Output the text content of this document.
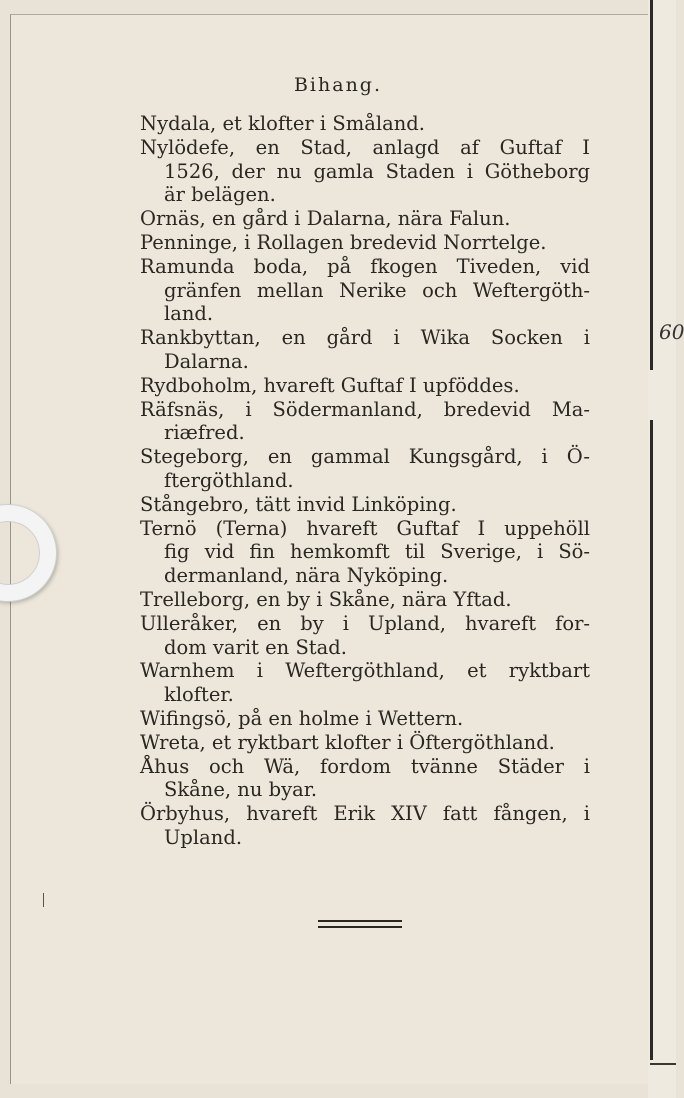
60
Bihang.
Nydala, et klofter i Småland.
Nylödefe, en Stad, anlagd af Guftaf I
1526, der nu gamla Staden i Götheborg
är belägen.
Ornäs, en gård i Dalarna, nära Falun.
Penninge, i Rollagen bredevid Norrtelge.
Ramunda boda, på fkogen Tiveden, vid
gränfen mellan Nerike och Weftergöth-
land.
Rankbyttan, en gård i Wika Socken i
Dalarna.
Rydboholm, hvareft Guftaf I upföddes.
Räfsnäs, i Södermanland, bredevid Ma-
riæfred.
Stegeborg, en gammal Kungsgård, i Ö-
ftergöthland.
Stångebro, tätt invid Linköping.
Ternö (Terna) hvareft Guftaf I uppehöll
fig vid fin hemkomft til Sverige, i Sö-
dermanland, nära Nyköping.
Trelleborg, en by i Skåne, nära Yftad.
Ulleråker, en by i Upland, hvareft for-
dom varit en Stad.
Warnhem i Weftergöthland, et ryktbart
klofter.
Wifingsö, på en holme i Wettern.
Wreta, et ryktbart klofter i Öftergöthland.
Åhus och Wä, fordom tvänne Städer i
Skåne, nu byar.
Örbyhus, hvareft Erik XIV fatt fången, i
Upland.
